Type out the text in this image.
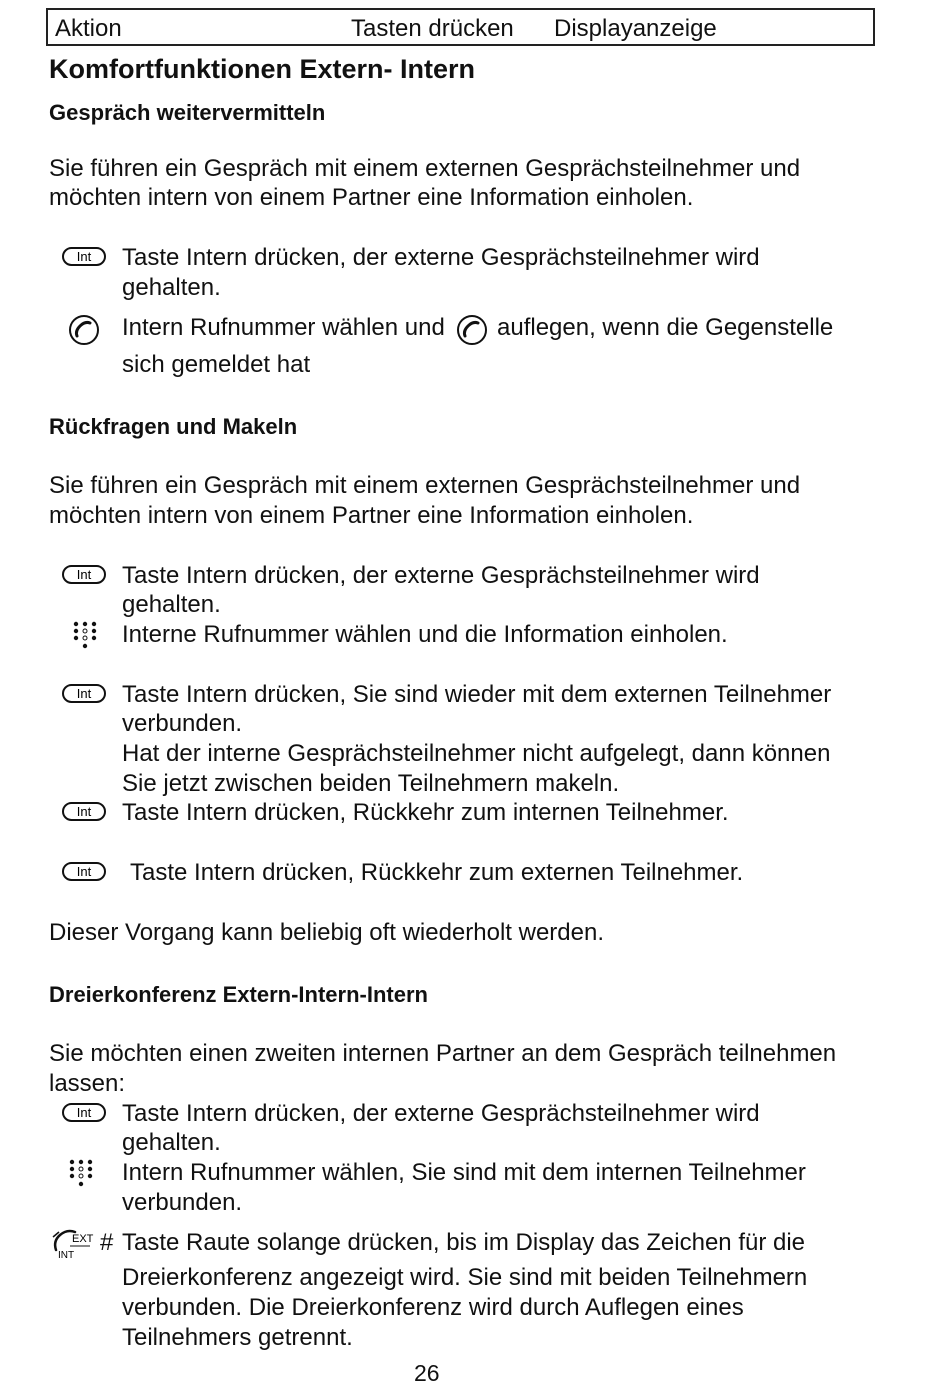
Aktion	Tasten drücken Displayanzeige
Komfortfunktionen Extern- Intern
Gespräch weitervermitteln
Sie führen ein Gespräch mit einem externen Gesprächsteilnehmer und
möchten intern von einem Partner eine Information einholen.
Int Taste Intern drücken, der externe Gesprächsteilnehmer wird
gehalten.
Intern Rufnummer wählen und auflegen, wenn die Gegenstelle
sich gemeldet hat
Rückfragen und Makeln
Sie führen ein Gespräch mit einem externen Gesprächsteilnehmer und
möchten intern von einem Partner eine Information einholen.
Int Taste Intern drücken, der externe Gesprächsteilnehmer wird
gehalten.
Interne Rufnummer wählen und die Information einholen.
Int Taste Intern drücken, Sie sind wieder mit dem externen Teilnehmer
verbunden.
Hat der interne Gesprächsteilnehmer nicht aufgelegt, dann können
Sie jetzt zwischen beiden Teilnehmern makeln.
Int Taste Intern drücken, Rückkehr zum internen Teilnehmer.
Int Taste Intern drücken, Rückkehr zum externen Teilnehmer.
Dieser Vorgang kann beliebig oft wiederholt werden.
Dreierkonferenz Extern-Intern-Intern
Sie möchten einen zweiten internen Partner an dem Gespräch teilnehmen
lassen:
Int Taste Intern drücken, der externe Gesprächsteilnehmer wird
gehalten.
Intern Rufnummer wählen, Sie sind mit dem internen Teilnehmer
verbunden.
EXT
INT # Taste Raute solange drücken, bis im Display das Zeichen für die
Dreierkonferenz angezeigt wird. Sie sind mit beiden Teilnehmern
verbunden. Die Dreierkonferenz wird durch Auflegen eines
Teilnehmers getrennt.
26
